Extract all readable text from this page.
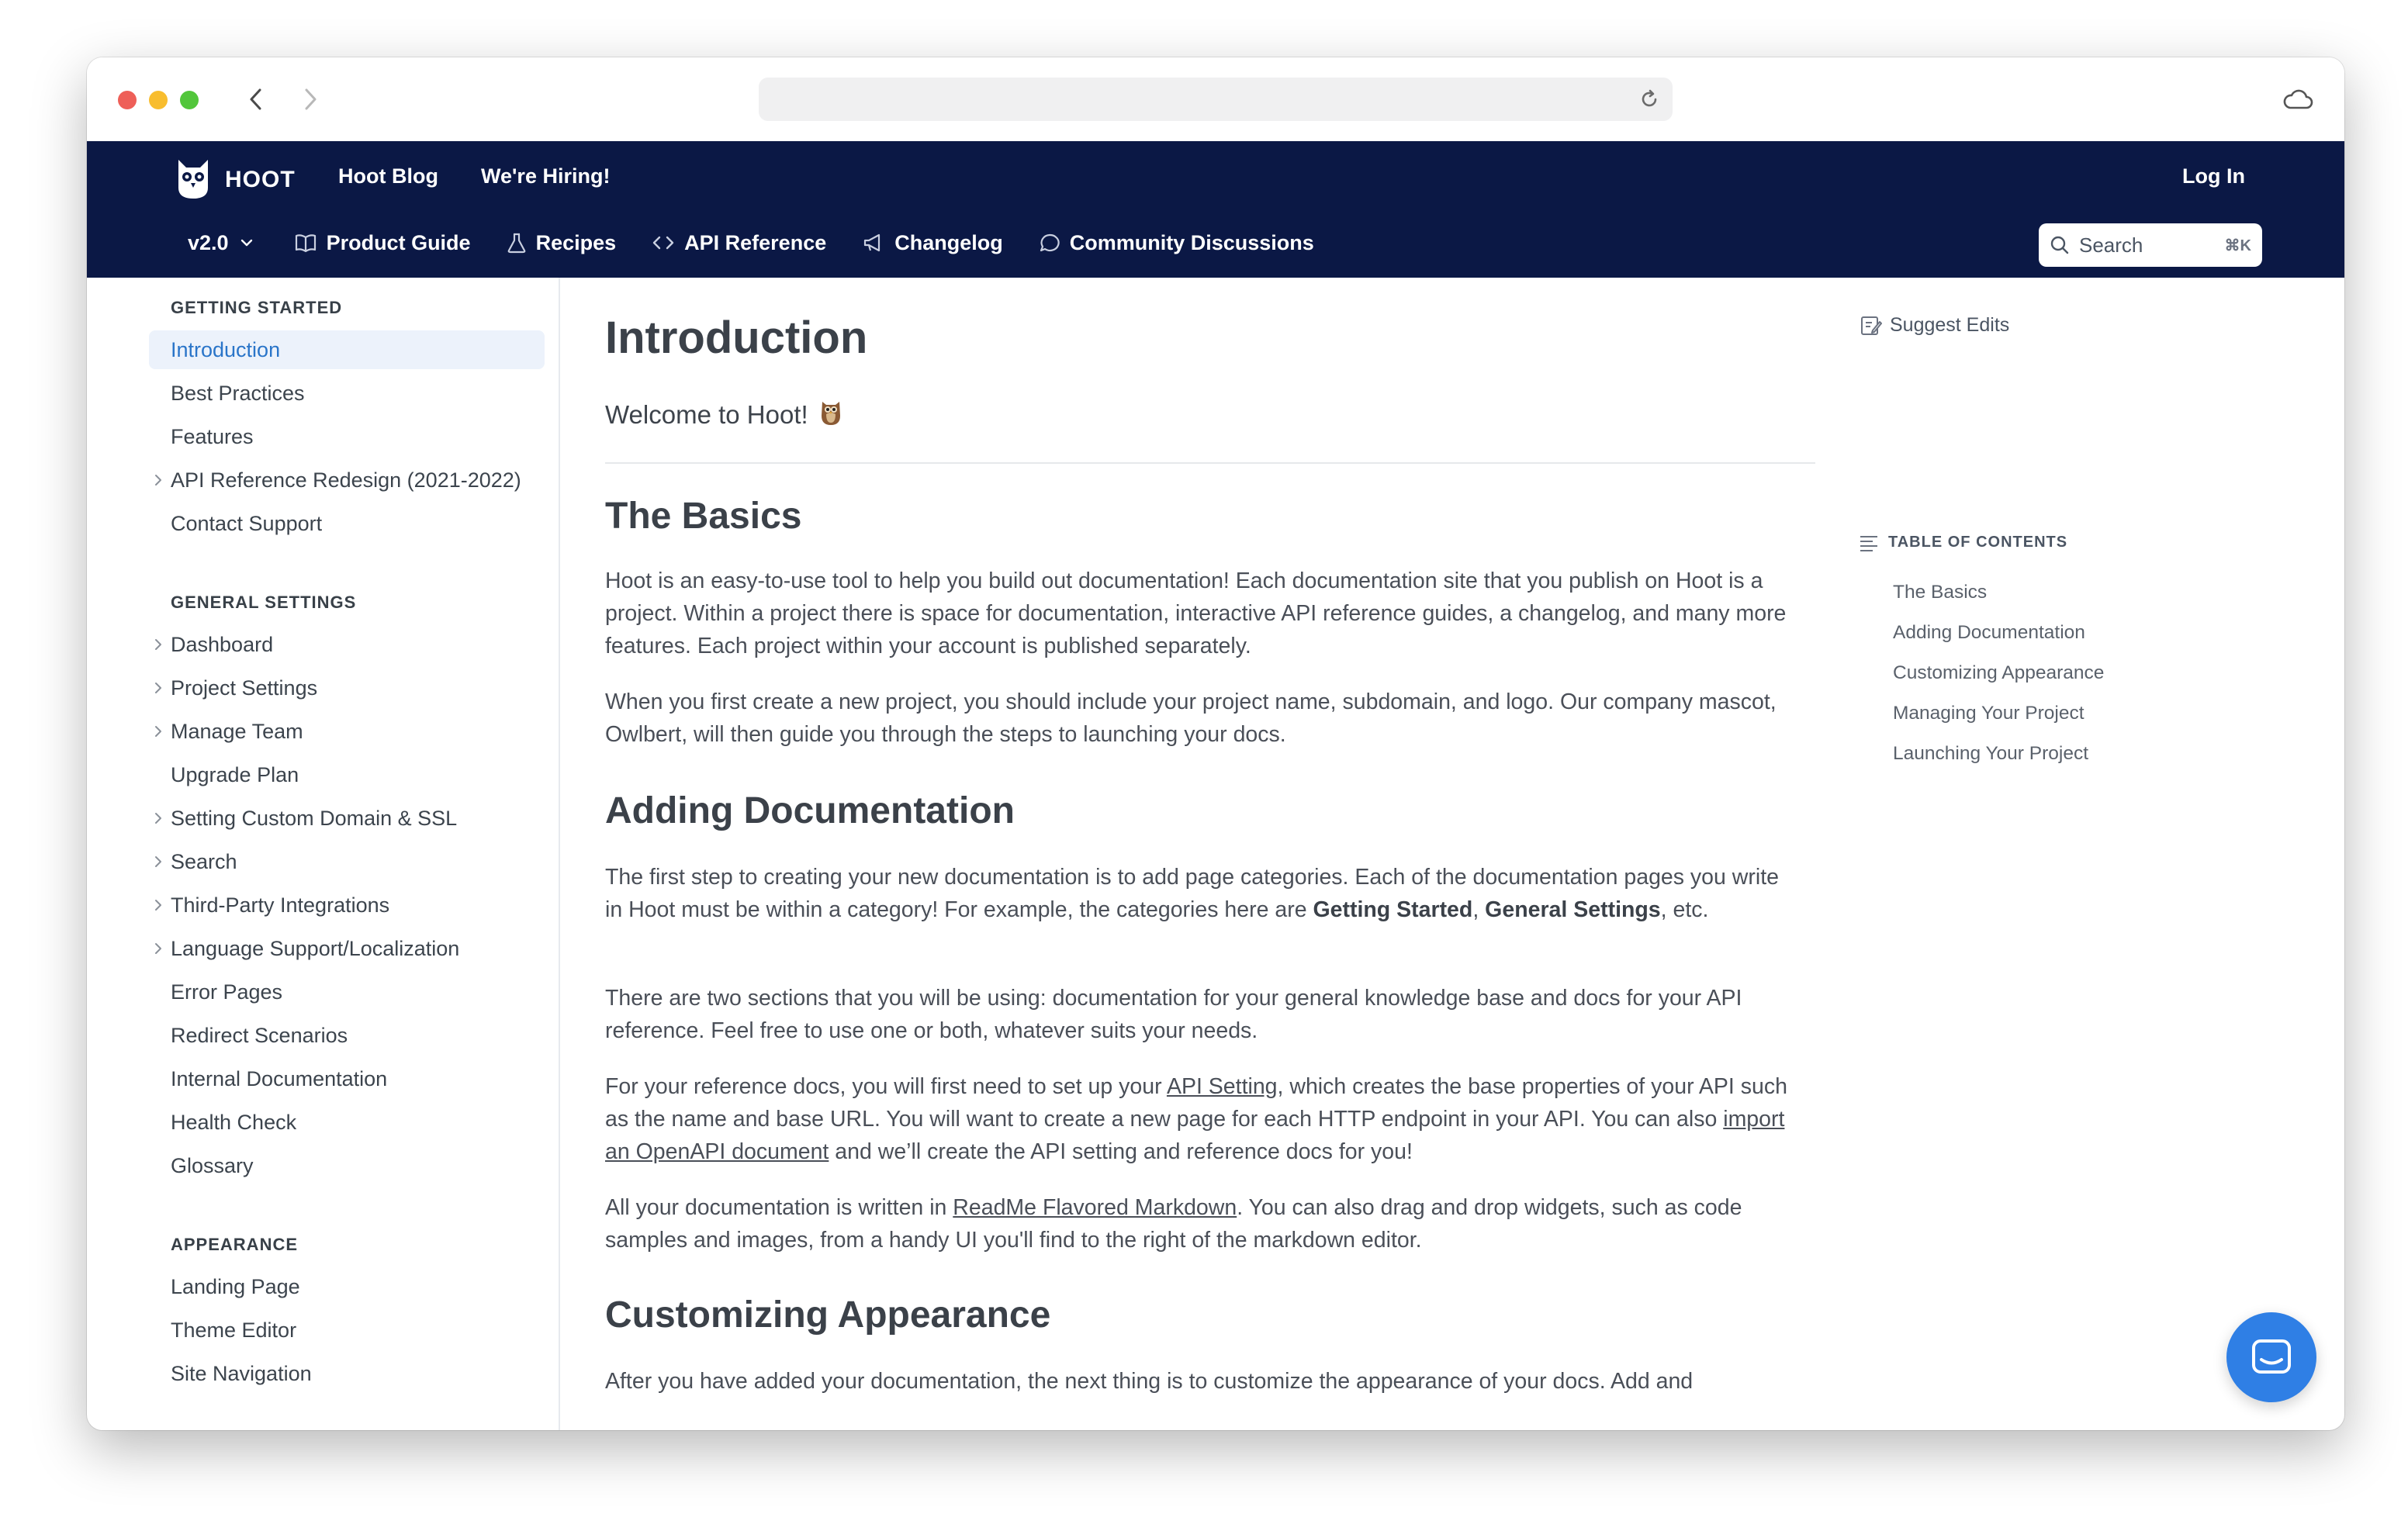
HOOT Hoot Blog We're Hiring!	Log In
v2.0	Product Guide	Recipes	API Reference	Changelog	Community Discussions	Search	⌘K
GETTING STARTED
Introduction
Best Practices
Features
API Reference Redesign (2021-2022)
Contact Support
GENERAL SETTINGS
Dashboard
Project Settings
Manage Team
Upgrade Plan
Setting Custom Domain & SSL
Search
Third-Party Integrations
Language Support/Localization
Error Pages
Redirect Scenarios
Internal Documentation
Health Check
Glossary
APPEARANCE
Landing Page
Theme Editor
Site Navigation
Introduction
Welcome to Hoot!
The Basics

Hoot is an easy-to-use tool to help you build out documentation! Each documentation site that you publish on Hoot is a project. Within a project there is space for documentation, interactive API reference guides, a changelog, and many more features. Each project within your account is published separately.

When you first create a new project, you should include your project name, subdomain, and logo. Our company mascot, Owlbert, will then guide you through the steps to launching your docs.

Adding Documentation

The first step to creating your new documentation is to add page categories. Each of the documentation pages you write in Hoot must be within a category! For example, the categories here are Getting Started, General Settings, etc.

There are two sections that you will be using: documentation for your general knowledge base and docs for your API reference. Feel free to use one or both, whatever suits your needs.

For your reference docs, you will first need to set up your API Setting, which creates the base properties of your API such as the name and base URL. You will want to create a new page for each HTTP endpoint in your API. You can also import an OpenAPI document and we’ll create the API setting and reference docs for you!

All your documentation is written in ReadMe Flavored Markdown. You can also drag and drop widgets, such as code samples and images, from a handy UI you'll find to the right of the markdown editor.

Customizing Appearance

After you have added your documentation, the next thing is to customize the appearance of your docs. Add and

Suggest Edits
TABLE OF CONTENTS
The Basics
Adding Documentation
Customizing Appearance
Managing Your Project
Launching Your Project
